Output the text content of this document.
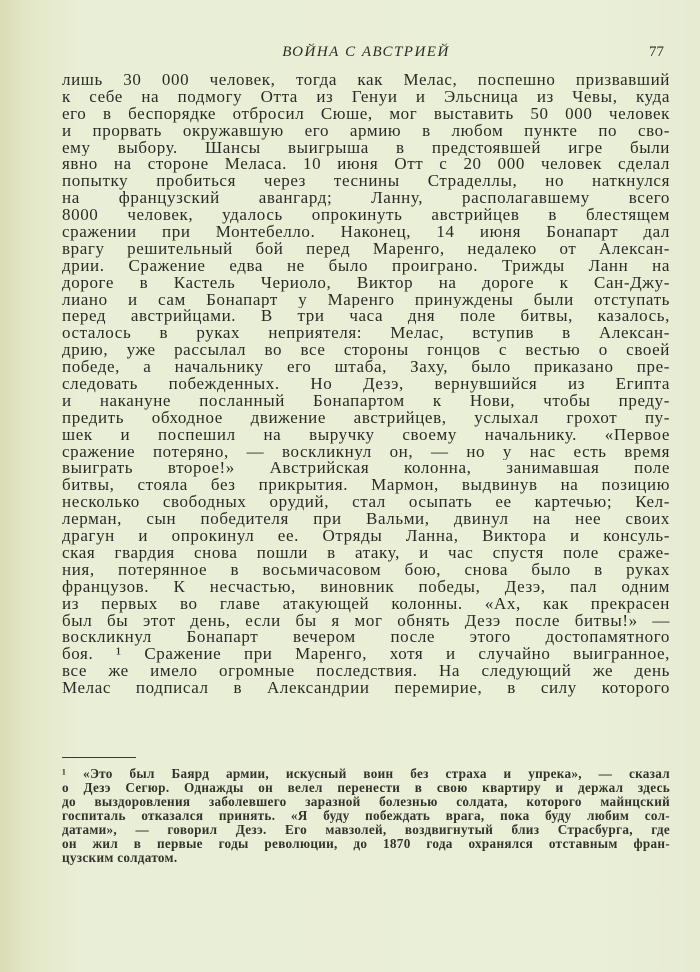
ВОЙНА С АВСТРИЕЙ	77
лишь 30 000 человек, тогда как Мелас, поспешно призвавший
к себе на подмогу Отта из Генуи и Эльсница из Чевы, куда
его в беспорядке отбросил Сюше, мог выставить 50 000 человек
и прорвать окружавшую его армию в любом пункте по сво-
ему выбору. Шансы выигрыша в предстоявшей игре были
явно на стороне Меласа. 10 июня Отт с 20 000 человек сделал
попытку пробиться через теснины Страделлы, но наткнулся
на французский авангард; Ланну, располагавшему всего
8000 человек, удалось опрокинуть австрийцев в блестящем
сражении при Монтебелло. Наконец, 14 июня Бонапарт дал
врагу решительный бой перед Маренго, недалеко от Алексан-
дрии. Сражение едва не было проиграно. Трижды Ланн на
дороге в Кастель Чериоло, Виктор на дороге к Сан-Джу-
лиано и сам Бонапарт у Маренго принуждены были отступать
перед австрийцами. В три часа дня поле битвы, казалось,
осталось в руках неприятеля: Мелас, вступив в Алексан-
дрию, уже рассылал во все стороны гонцов с вестью о своей
победе, а начальнику его штаба, Заху, было приказано пре-
следовать побежденных. Но Дезэ, вернувшийся из Египта
и накануне посланный Бонапартом к Нови, чтобы преду-
предить обходное движение австрийцев, услыхал грохот пу-
шек и поспешил на выручку своему начальнику. «Первое
сражение потеряно, — воскликнул он, — но у нас есть время
выиграть второе!» Австрийская колонна, занимавшая поле
битвы, стояла без прикрытия. Мармон, выдвинув на позицию
несколько свободных орудий, стал осыпать ее картечью; Кел-
лерман, сын победителя при Вальми, двинул на нее своих
драгун и опрокинул ее. Отряды Ланна, Виктора и консуль-
ская гвардия снова пошли в атаку, и час спустя поле сраже-
ния, потерянное в восьмичасовом бою, снова было в руках
французов. К несчастью, виновник победы, Дезэ, пал одним
из первых во главе атакующей колонны. «Ах, как прекрасен
был бы этот день, если бы я мог обнять Дезэ после битвы!» —
воскликнул Бонапарт вечером после этого достопамятного
боя. ¹ Сражение при Маренго, хотя и случайно выигранное,
все же имело огромные последствия. На следующий же день
Мелас подписал в Александрии перемирие, в силу которого
¹ «Это был Баярд армии, искусный воин без страха и упрека», — сказал
о Дезэ Сегюр. Однажды он велел перенести в свою квартиру и держал здесь
до выздоровления заболевшего заразной болезнью солдата, которого майнцский
госпиталь отказался принять. «Я буду побеждать врага, пока буду любим сол-
датами», — говорил Дезэ. Его мавзолей, воздвигнутый близ Страсбурга, где
он жил в первые годы революции, до 1870 года охранялся отставным фран-
цузским солдатом.
